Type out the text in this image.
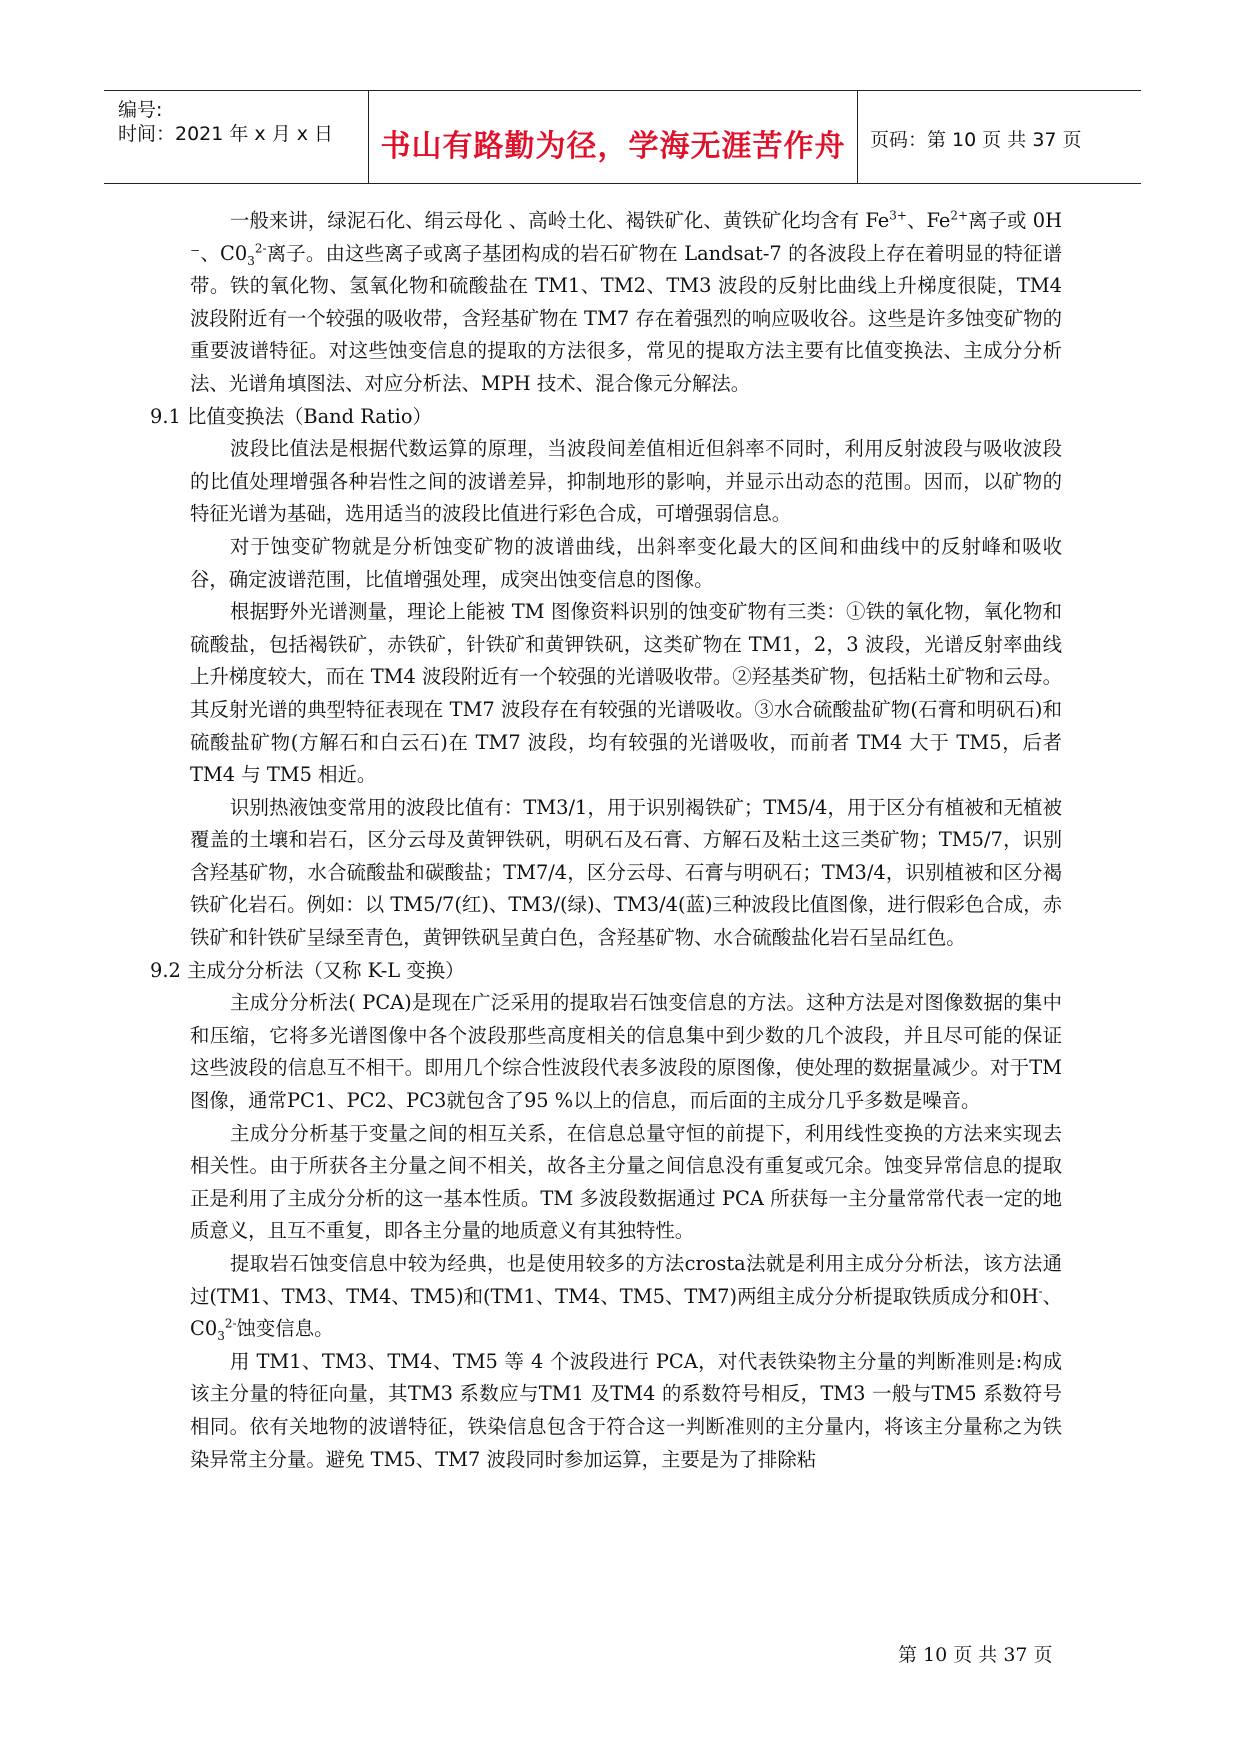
编号:
时间：2021 年 x 月 x 日	书山有路勤为径，学海无涯苦作舟	页码：第 10 页 共 37 页

一般来讲，绿泥石化、绢云母化 、高岭土化、褐铁矿化、黄铁矿化均含有 $Fe^{3+}$、$Fe^{2+}$离子或 0H ⁻、$C0_3^{2-}$离子。由这些离子或离子基团构成的岩石矿物在 Landsat-7 的各波段上存在着明显的特征谱带。铁的氧化物、氢氧化物和硫酸盐在 TM1、TM2、TM3 波段的反射比曲线上升梯度很陡，TM4 波段附近有一个较强的吸收带，含羟基矿物在 TM7 存在着强烈的响应吸收谷。这些是许多蚀变矿物的重要波谱特征。对这些蚀变信息的提取的方法很多，常见的提取方法主要有比值变换法、主成分分析法、光谱角填图法、对应分析法、MPH 技术、混合像元分解法。

9.1 比值变换法（Band Ratio）

波段比值法是根据代数运算的原理，当波段间差值相近但斜率不同时，利用反射波段与吸收波段的比值处理增强各种岩性之间的波谱差异，抑制地形的影响，并显示出动态的范围。因而，以矿物的特征光谱为基础，选用适当的波段比值进行彩色合成，可增强弱信息。

对于蚀变矿物就是分析蚀变矿物的波谱曲线，出斜率变化最大的区间和曲线中的反射峰和吸收谷，确定波谱范围，比值增强处理，成突出蚀变信息的图像。

根据野外光谱测量，理论上能被 TM 图像资料识别的蚀变矿物有三类：①铁的氧化物，氧化物和硫酸盐，包括褐铁矿，赤铁矿，针铁矿和黄钾铁矾，这类矿物在 TM1，2，3 波段，光谱反射率曲线上升梯度较大，而在 TM4 波段附近有一个较强的光谱吸收带。②羟基类矿物，包括粘土矿物和云母。其反射光谱的典型特征表现在 TM7 波段存在有较强的光谱吸收。③水合硫酸盐矿物(石膏和明矾石)和硫酸盐矿物(方解石和白云石)在 TM7 波段，均有较强的光谱吸收，而前者 TM4 大于 TM5，后者 TM4 与 TM5 相近。

识别热液蚀变常用的波段比值有：TM3/1，用于识别褐铁矿；TM5/4，用于区分有植被和无植被覆盖的土壤和岩石，区分云母及黄钾铁矾，明矾石及石膏、方解石及粘土这三类矿物；TM5/7，识别含羟基矿物，水合硫酸盐和碳酸盐；TM7/4，区分云母、石膏与明矾石；TM3/4，识别植被和区分褐铁矿化岩石。例如：以 TM5/7(红)、TM3/(绿)、TM3/4(蓝)三种波段比值图像，进行假彩色合成，赤铁矿和针铁矿呈绿至青色，黄钾铁矾呈黄白色，含羟基矿物、水合硫酸盐化岩石呈品红色。

9.2 主成分分析法（又称 K-L 变换）

主成分分析法( PCA)是现在广泛采用的提取岩石蚀变信息的方法。这种方法是对图像数据的集中和压缩，它将多光谱图像中各个波段那些高度相关的信息集中到少数的几个波段，并且尽可能的保证这些波段的信息互不相干。即用几个综合性波段代表多波段的原图像，使处理的数据量减少。对于TM图像，通常PC1、PC2、PC3就包含了95 %以上的信息，而后面的主成分几乎多数是噪音。

主成分分析基于变量之间的相互关系，在信息总量守恒的前提下，利用线性变换的方法来实现去相关性。由于所获各主分量之间不相关，故各主分量之间信息没有重复或冗余。蚀变异常信息的提取正是利用了主成分分析的这一基本性质。TM 多波段数据通过 PCA 所获每一主分量常常代表一定的地质意义，且互不重复，即各主分量的地质意义有其独特性。

提取岩石蚀变信息中较为经典，也是使用较多的方法crosta法就是利用主成分分析法，该方法通过(TM1、TM3、TM4、TM5)和(TM1、TM4、TM5、TM7)两组主成分分析提取铁质成分和0H-、$C0_3^{2-}$蚀变信息。

用 TM1、TM3、TM4、TM5 等 4 个波段进行 PCA，对代表铁染物主分量的判断准则是:构成该主分量的特征向量，其TM3 系数应与TM1 及TM4 的系数符号相反，TM3 一般与TM5 系数符号相同。依有关地物的波谱特征，铁染信息包含于符合这一判断准则的主分量内，将该主分量称之为铁染异常主分量。避免 TM5、TM7 波段同时参加运算，主要是为了排除粘

第 10 页 共 37 页
